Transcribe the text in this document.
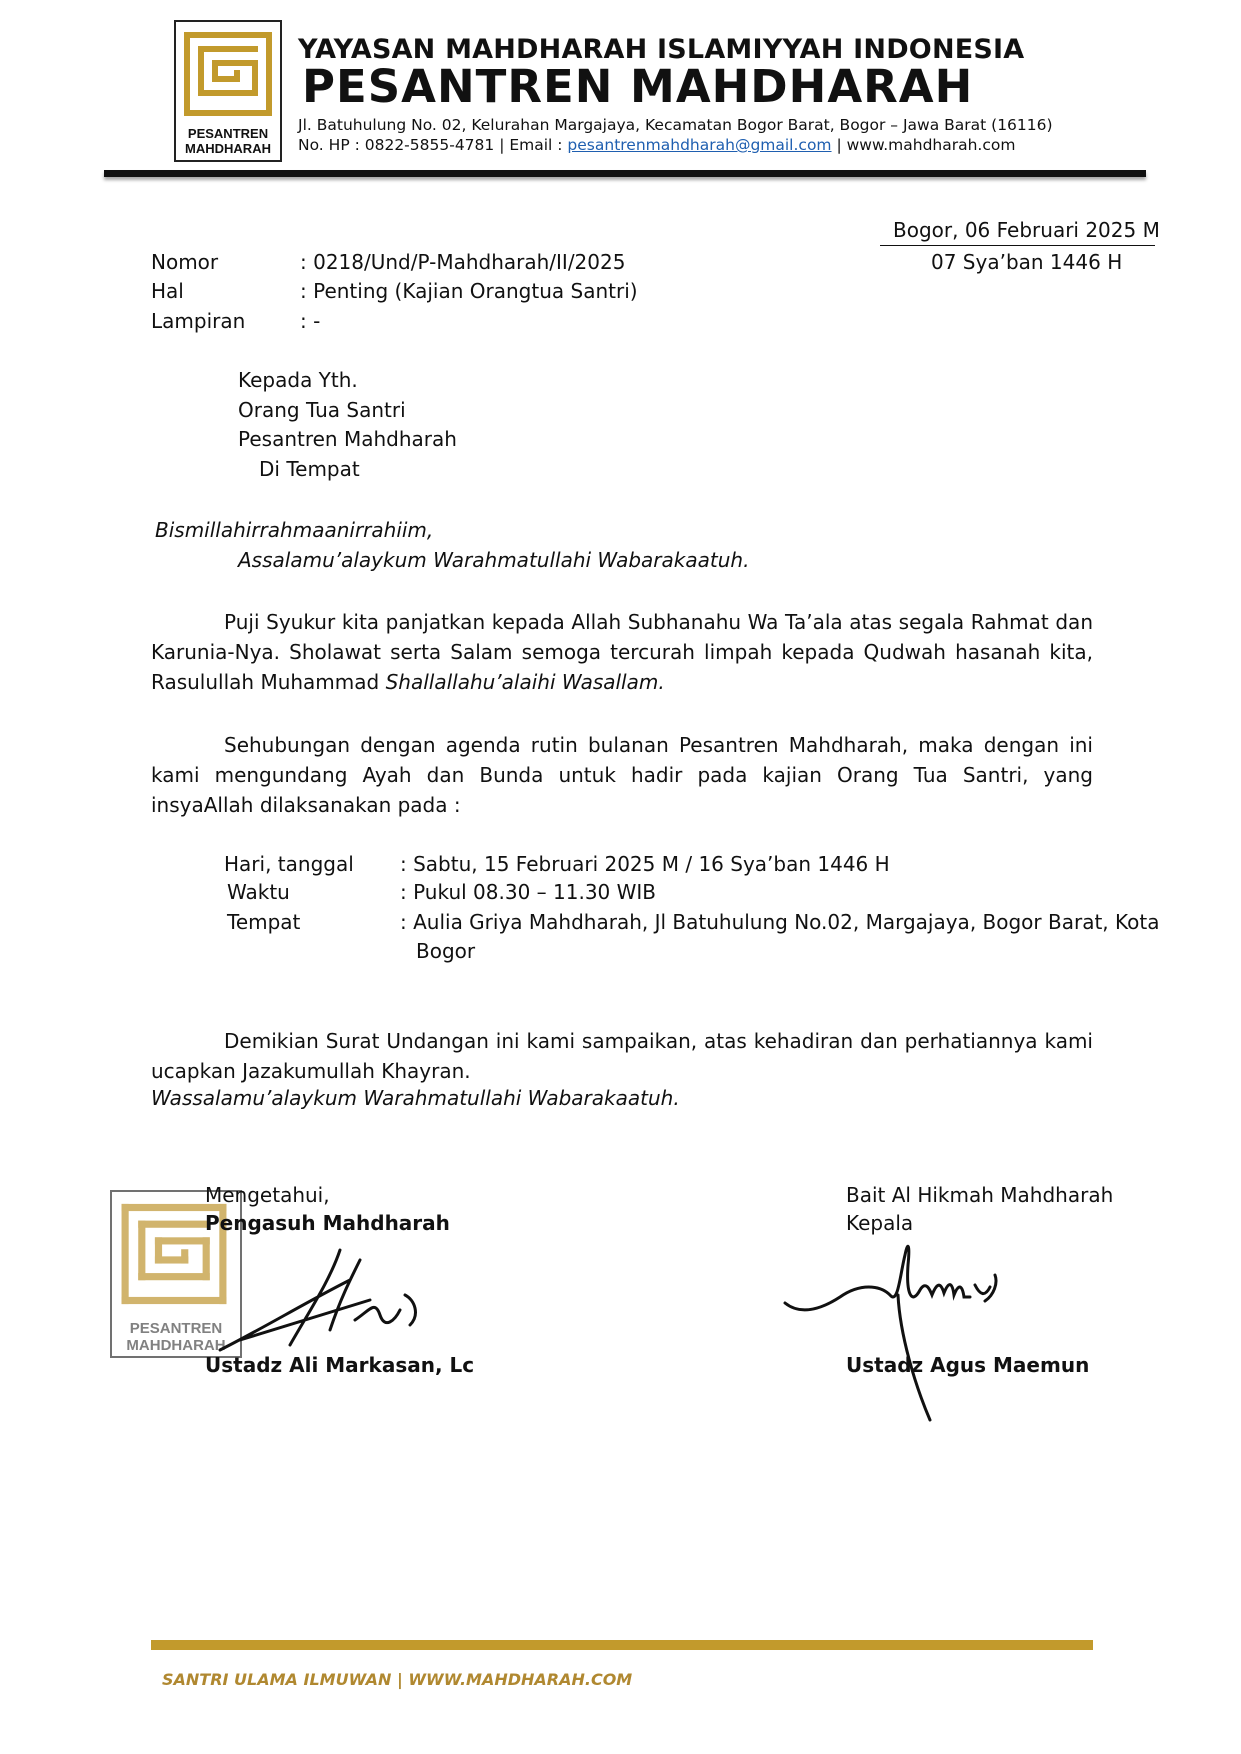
PESANTREN
MAHDHARAH
YAYASAN MAHDHARAH ISLAMIYYAH INDONESIA
PESANTREN MAHDHARAH
Jl. Batuhulung No. 02, Kelurahan Margajaya, Kecamatan Bogor Barat, Bogor – Jawa Barat (16116)
No. HP : 0822-5855-4781 | Email : pesantrenmahdharah@gmail.com | www.mahdharah.com
Bogor, 06 Februari 2025 M
07 Sya’ban 1446 H
Nomor	: 0218/Und/P-Mahdharah/II/2025
Hal	: Penting (Kajian Orangtua Santri)
Lampiran	: -
Kepada Yth.
Orang Tua Santri
Pesantren Mahdharah
Di Tempat
Bismillahirrahmaanirrahiim,
Assalamu’alaykum Warahmatullahi Wabarakaatuh.
Puji Syukur kita panjatkan kepada Allah Subhanahu Wa Ta’ala atas segala Rahmat dan Karunia-Nya. Sholawat serta Salam semoga tercurah limpah kepada Qudwah hasanah kita, Rasulullah Muhammad Shallallahu’alaihi Wasallam.
Sehubungan dengan agenda rutin bulanan Pesantren Mahdharah, maka dengan ini kami mengundang Ayah dan Bunda untuk hadir pada kajian Orang Tua Santri, yang insyaAllah dilaksanakan pada :
Hari, tanggal : Sabtu, 15 Februari 2025 M / 16 Sya’ban 1446 H
Waktu	: Pukul 08.30 – 11.30 WIB
Tempat	: Aulia Griya Mahdharah, Jl Batuhulung No.02, Margajaya, Bogor Barat, Kota
Bogor
Demikian Surat Undangan ini kami sampaikan, atas kehadiran dan perhatiannya kami ucapkan Jazakumullah Khayran.
Wassalamu’alaykum Warahmatullahi Wabarakaatuh.
PESANTREN
MAHDHARAH
Mengetahui,
Pengasuh Mahdharah
Ustadz Ali Markasan, Lc
Bait Al Hikmah Mahdharah
Kepala
Ustadz Agus Maemun
SANTRI ULAMA ILMUWAN | WWW.MAHDHARAH.COM
